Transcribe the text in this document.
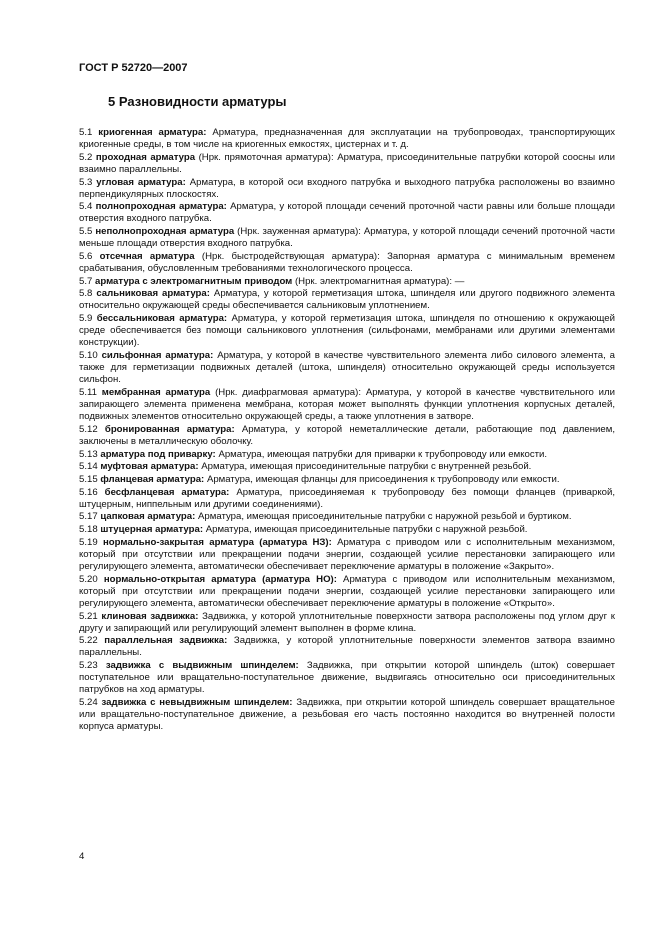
ГОСТ Р 52720—2007
5 Разновидности арматуры
5.1 криогенная арматура: Арматура, предназначенная для эксплуатации на трубопроводах, транспортирующих криогенные среды, в том числе на криогенных емкостях, цистернах и т. д.
5.2 проходная арматура (Нрк. прямоточная арматура): Арматура, присоединительные патрубки которой соосны или взаимно параллельны.
5.3 угловая арматура: Арматура, в которой оси входного патрубка и выходного патрубка расположены во взаимно перпендикулярных плоскостях.
5.4 полнопроходная арматура: Арматура, у которой площади сечений проточной части равны или больше площади отверстия входного патрубка.
5.5 неполнопроходная арматура (Нрк. зауженная арматура): Арматура, у которой площади сечений проточной части меньше площади отверстия входного патрубка.
5.6 отсечная арматура (Нрк. быстродействующая арматура): Запорная арматура с минимальным временем срабатывания, обусловленным требованиями технологического процесса.
5.7 арматура с электромагнитным приводом (Нрк. электромагнитная арматура): —
5.8 сальниковая арматура: Арматура, у которой герметизация штока, шпинделя или другого подвижного элемента относительно окружающей среды обеспечивается сальниковым уплотнением.
5.9 бессальниковая арматура: Арматура, у которой герметизация штока, шпинделя по отношению к окружающей среде обеспечивается без помощи сальникового уплотнения (сильфонами, мембранами или другими элементами конструкции).
5.10 сильфонная арматура: Арматура, у которой в качестве чувствительного элемента либо силового элемента, а также для герметизации подвижных деталей (штока, шпинделя) относительно окружающей среды используется сильфон.
5.11 мембранная арматура (Нрк. диафрагмовая арматура): Арматура, у которой в качестве чувствительного или запирающего элемента применена мембрана, которая может выполнять функции уплотнения корпусных деталей, подвижных элементов относительно окружающей среды, а также уплотнения в затворе.
5.12 бронированная арматура: Арматура, у которой неметаллические детали, работающие под давлением, заключены в металлическую оболочку.
5.13 арматура под приварку: Арматура, имеющая патрубки для приварки к трубопроводу или емкости.
5.14 муфтовая арматура: Арматура, имеющая присоединительные патрубки с внутренней резьбой.
5.15 фланцевая арматура: Арматура, имеющая фланцы для присоединения к трубопроводу или емкости.
5.16 бесфланцевая арматура: Арматура, присоединяемая к трубопроводу без помощи фланцев (приваркой, штуцерным, ниппельным или другими соединениями).
5.17 цапковая арматура: Арматура, имеющая присоединительные патрубки с наружной резьбой и буртиком.
5.18 штуцерная арматура: Арматура, имеющая присоединительные патрубки с наружной резьбой.
5.19 нормально-закрытая арматура (арматура НЗ): Арматура с приводом или с исполнительным механизмом, который при отсутствии или прекращении подачи энергии, создающей усилие перестановки запирающего или регулирующего элемента, автоматически обеспечивает переключение арматуры в положение «Закрыто».
5.20 нормально-открытая арматура (арматура НО): Арматура с приводом или исполнительным механизмом, который при отсутствии или прекращении подачи энергии, создающей усилие перестановки запирающего или регулирующего элемента, автоматически обеспечивает переключение арматуры в положение «Открыто».
5.21 клиновая задвижка: Задвижка, у которой уплотнительные поверхности затвора расположены под углом друг к другу и запирающий или регулирующий элемент выполнен в форме клина.
5.22 параллельная задвижка: Задвижка, у которой уплотнительные поверхности элементов затвора взаимно параллельны.
5.23 задвижка с выдвижным шпинделем: Задвижка, при открытии которой шпиндель (шток) совершает поступательное или вращательно-поступательное движение, выдвигаясь относительно оси присоединительных патрубков на ход арматуры.
5.24 задвижка с невыдвижным шпинделем: Задвижка, при открытии которой шпиндель совершает вращательное или вращательно-поступательное движение, а резьбовая его часть постоянно находится во внутренней полости корпуса арматуры.
4
